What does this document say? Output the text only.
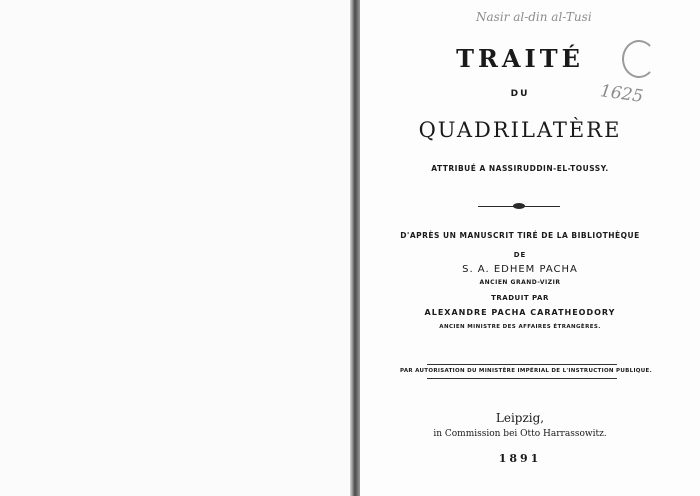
Nasir al-din al-Tusi
1625
TRAITÉ
DU
QUADRILATÈRE
ATTRIBUÉ A NASSIRUDDIN-EL-TOUSSY.
D'APRÈS UN MANUSCRIT TIRÉ DE LA BIBLIOTHÈQUE
DE
S. A. EDHEM PACHA
ANCIEN GRAND-VIZIR
TRADUIT PAR
ALEXANDRE PACHA CARATHEODORY
ANCIEN MINISTRE DES AFFAIRES ÉTRANGÈRES.
PAR AUTORISATION DU MINISTÈRE IMPÉRIAL DE L'INSTRUCTION PUBLIQUE.
Leipzig,
in Commission bei Otto Harrassowitz.
1891
